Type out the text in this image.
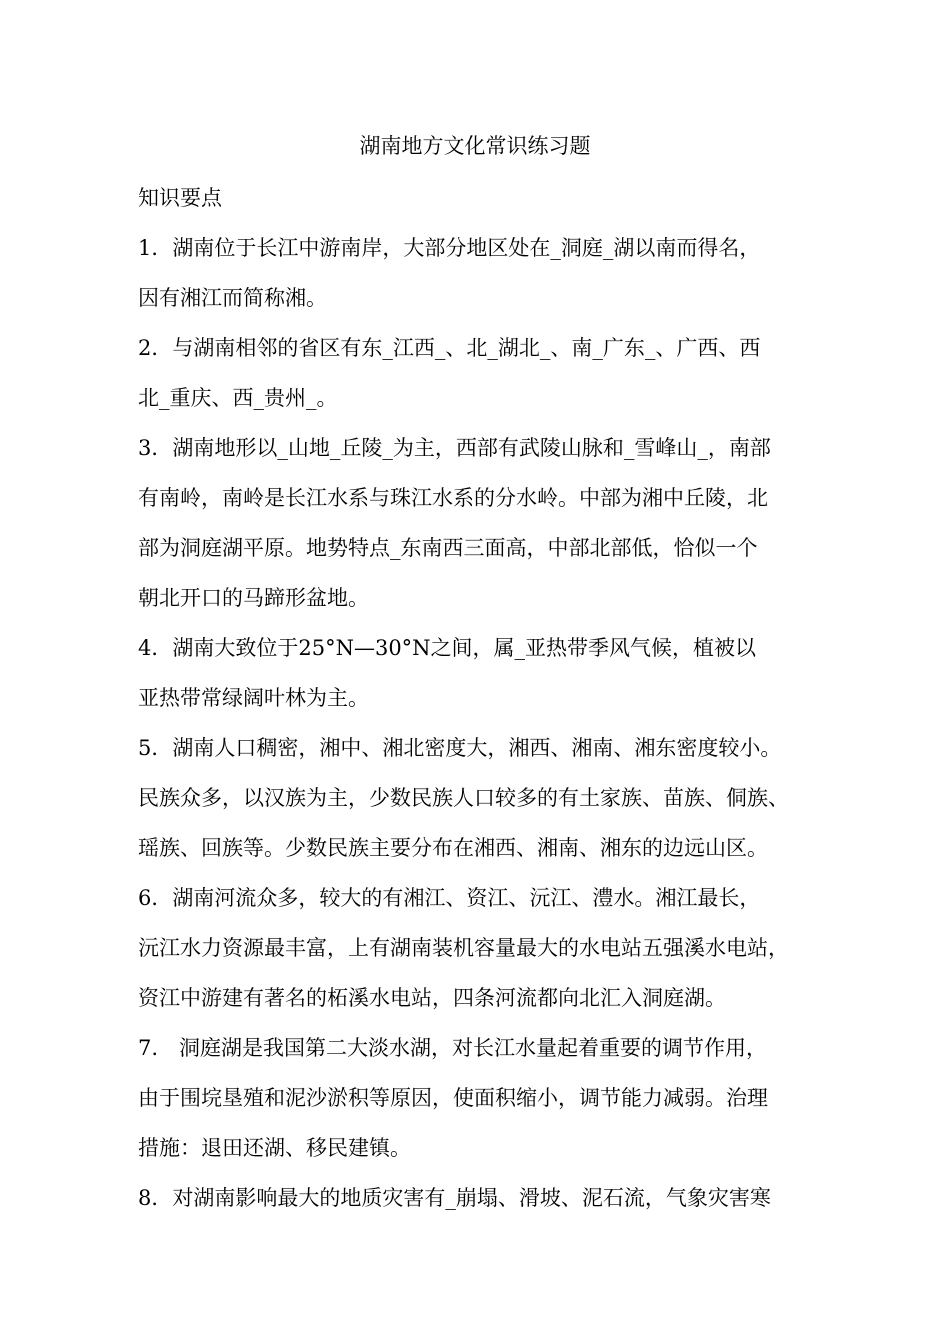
湖南地方文化常识练习题
知识要点
1．湖南位于长江中游南岸，大部分地区处在_洞庭_湖以南而得名，
因有湘江而简称湘。
2．与湖南相邻的省区有东_江西_、北_湖北_、南_广东_、广西、西
北_重庆、西_贵州_。
3．湖南地形以_山地_丘陵_为主，西部有武陵山脉和_雪峰山_，南部
有南岭，南岭是长江水系与珠江水系的分水岭。中部为湘中丘陵，北
部为洞庭湖平原。地势特点_东南西三面高，中部北部低，恰似一个
朝北开口的马蹄形盆地。
4．湖南大致位于25°N—30°N之间，属_亚热带季风气候，植被以
亚热带常绿阔叶林为主。
5．湖南人口稠密，湘中、湘北密度大，湘西、湘南、湘东密度较小。
民族众多，以汉族为主，少数民族人口较多的有土家族、苗族、侗族、
瑶族、回族等。少数民族主要分布在湘西、湘南、湘东的边远山区。
6．湖南河流众多，较大的有湘江、资江、沅江、澧水。湘江最长，
沅江水力资源最丰富，上有湖南装机容量最大的水电站五强溪水电站，
资江中游建有著名的柘溪水电站，四条河流都向北汇入洞庭湖。
7.　洞庭湖是我国第二大淡水湖，对长江水量起着重要的调节作用，
由于围垸垦殖和泥沙淤积等原因，使面积缩小，调节能力减弱。治理
措施：退田还湖、移民建镇。
8．对湖南影响最大的地质灾害有_崩塌、滑坡、泥石流，气象灾害寒
